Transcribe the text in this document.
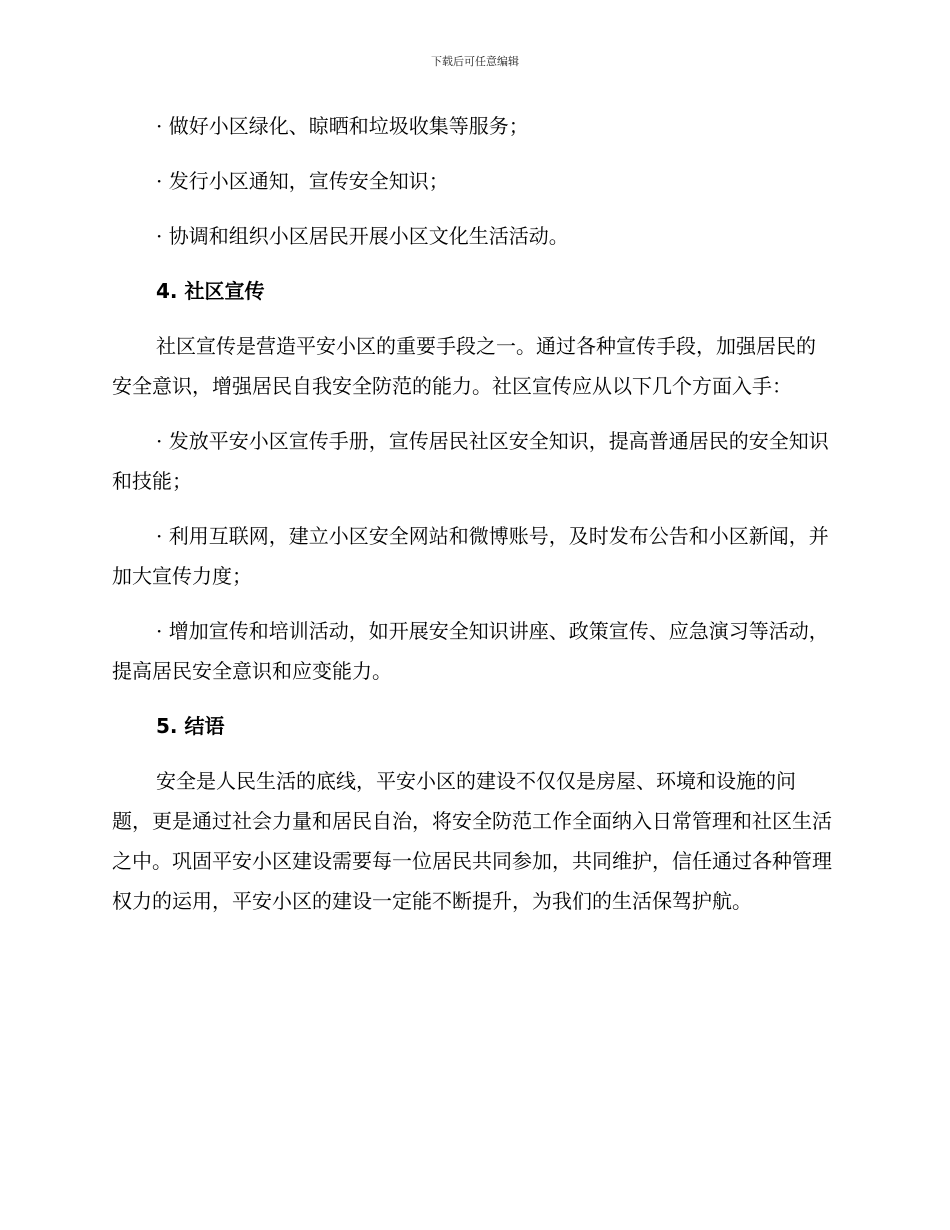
下载后可任意编辑

· 做好小区绿化、晾晒和垃圾收集等服务；

· 发行小区通知，宣传安全知识；

· 协调和组织小区居民开展小区文化生活活动。

4. 社区宣传

社区宣传是营造平安小区的重要手段之一。通过各种宣传手段，加强居民的安全意识，增强居民自我安全防范的能力。社区宣传应从以下几个方面入手：

· 发放平安小区宣传手册，宣传居民社区安全知识，提高普通居民的安全知识和技能；

· 利用互联网，建立小区安全网站和微博账号，及时发布公告和小区新闻，并加大宣传力度；

· 增加宣传和培训活动，如开展安全知识讲座、政策宣传、应急演习等活动，提高居民安全意识和应变能力。

5. 结语

安全是人民生活的底线，平安小区的建设不仅仅是房屋、环境和设施的问题，更是通过社会力量和居民自治，将安全防范工作全面纳入日常管理和社区生活之中。巩固平安小区建设需要每一位居民共同参加，共同维护，信任通过各种管理权力的运用，平安小区的建设一定能不断提升，为我们的生活保驾护航。
